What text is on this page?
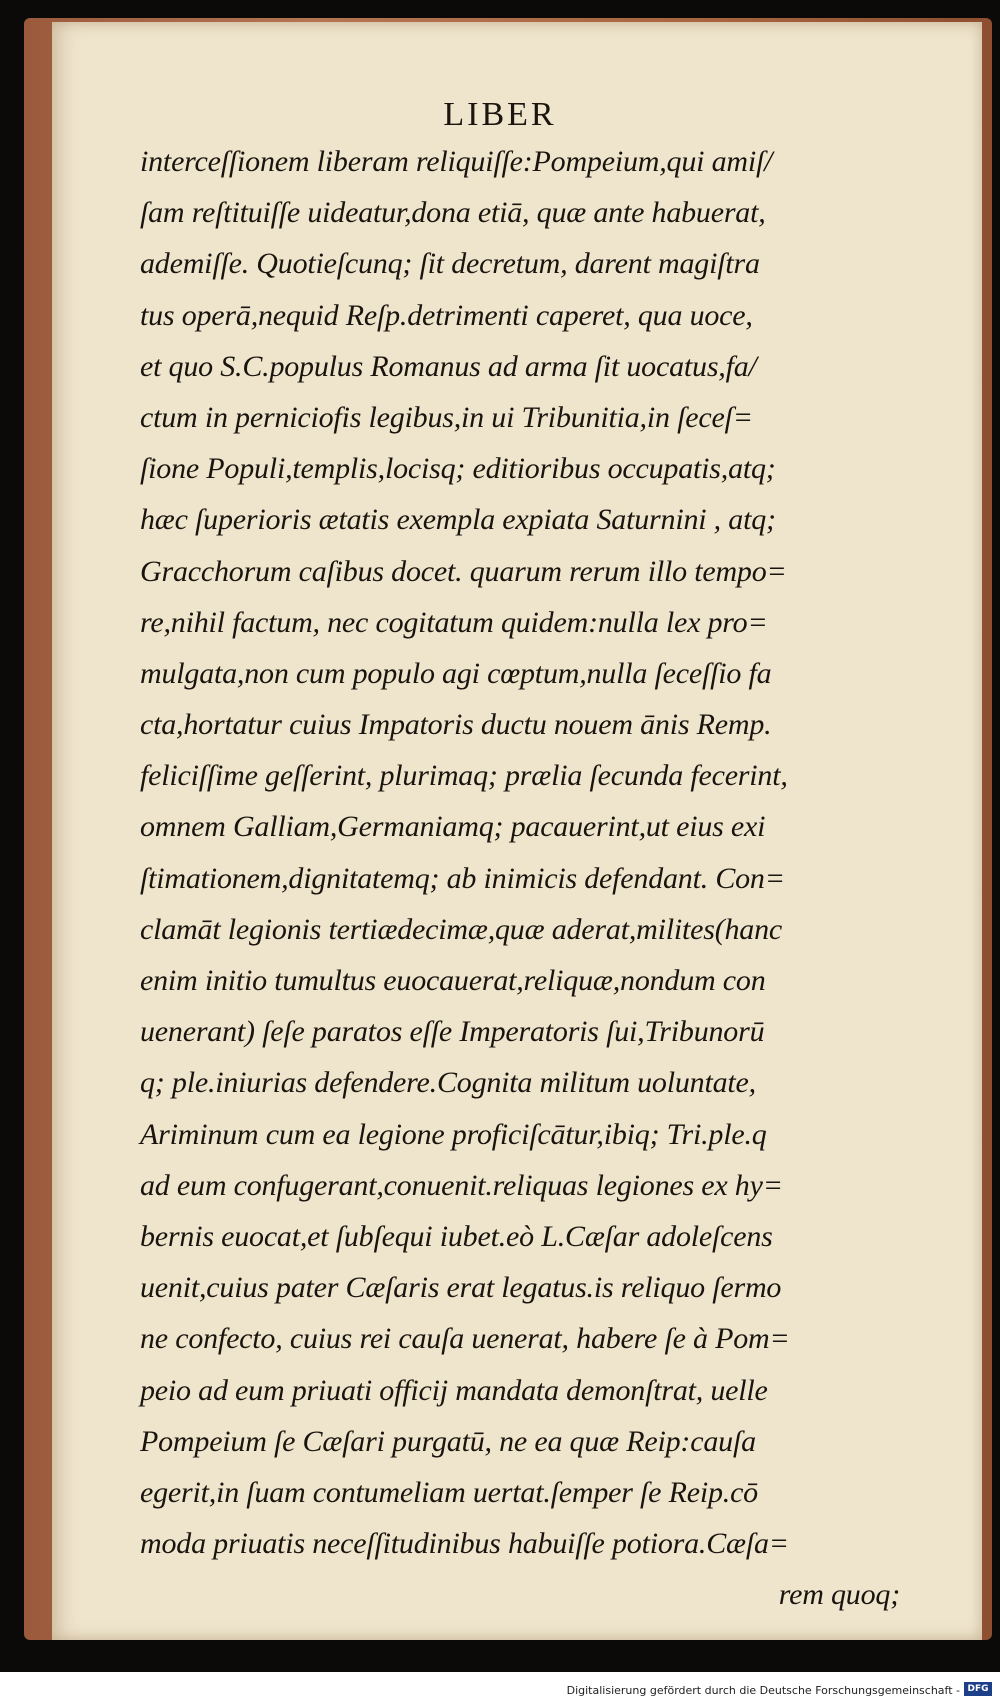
LIBER
interceſſionem liberam reliquiſſe:Pompeium,qui amiſ/
ſam reſtituiſſe uideatur,dona etiā, quæ ante habuerat,
ademiſſe. Quotieſcunq; ſit decretum, darent magiſtra
tus operā,nequid Reſp.detrimenti caperet, qua uoce,
et quo S.C.populus Romanus ad arma ſit uocatus,fa/
ctum in perniciofis legibus,in ui Tribunitia,in ſeceſ=
ſione Populi,templis,locisq; editioribus occupatis,atq;
hæc ſuperioris ætatis exempla expiata Saturnini , atq;
Gracchorum caſibus docet. quarum rerum illo tempo=
re,nihil factum, nec cogitatum quidem:nulla lex pro=
mulgata,non cum populo agi cœptum,nulla ſeceſſio fa
cta,hortatur cuius Impatoris ductu nouem ānis Remp.
feliciſſime geſſerint, plurimaq; prælia ſecunda fecerint,
omnem Galliam,Germaniamq; pacauerint,ut eius exi
ſtimationem,dignitatemq; ab inimicis defendant. Con=
clamāt legionis tertiædecimæ,quæ aderat,milites(hanc
enim initio tumultus euocauerat,reliquæ,nondum con
uenerant) ſeſe paratos eſſe Imperatoris ſui,Tribunorū
q; ple.iniurias defendere.Cognita militum uoluntate,
Ariminum cum ea legione proficiſcātur,ibiq; Tri.ple.q
ad eum confugerant,conuenit.reliquas legiones ex hy=
bernis euocat,et ſubſequi iubet.eò L.Cæſar adoleſcens
uenit,cuius pater Cæſaris erat legatus.is reliquo ſermo
ne confecto, cuius rei cauſa uenerat, habere ſe à Pom=
peio ad eum priuati officij mandata demonſtrat, uelle
Pompeium ſe Cæſari purgatū, ne ea quæ Reip:cauſa
egerit,in ſuam contumeliam uertat.ſemper ſe Reip.cō
moda priuatis neceſſitudinibus habuiſſe potiora.Cæſa=
rem quoq;
Digitalisierung gefördert durch die Deutsche Forschungsgemeinschaft - DFG
